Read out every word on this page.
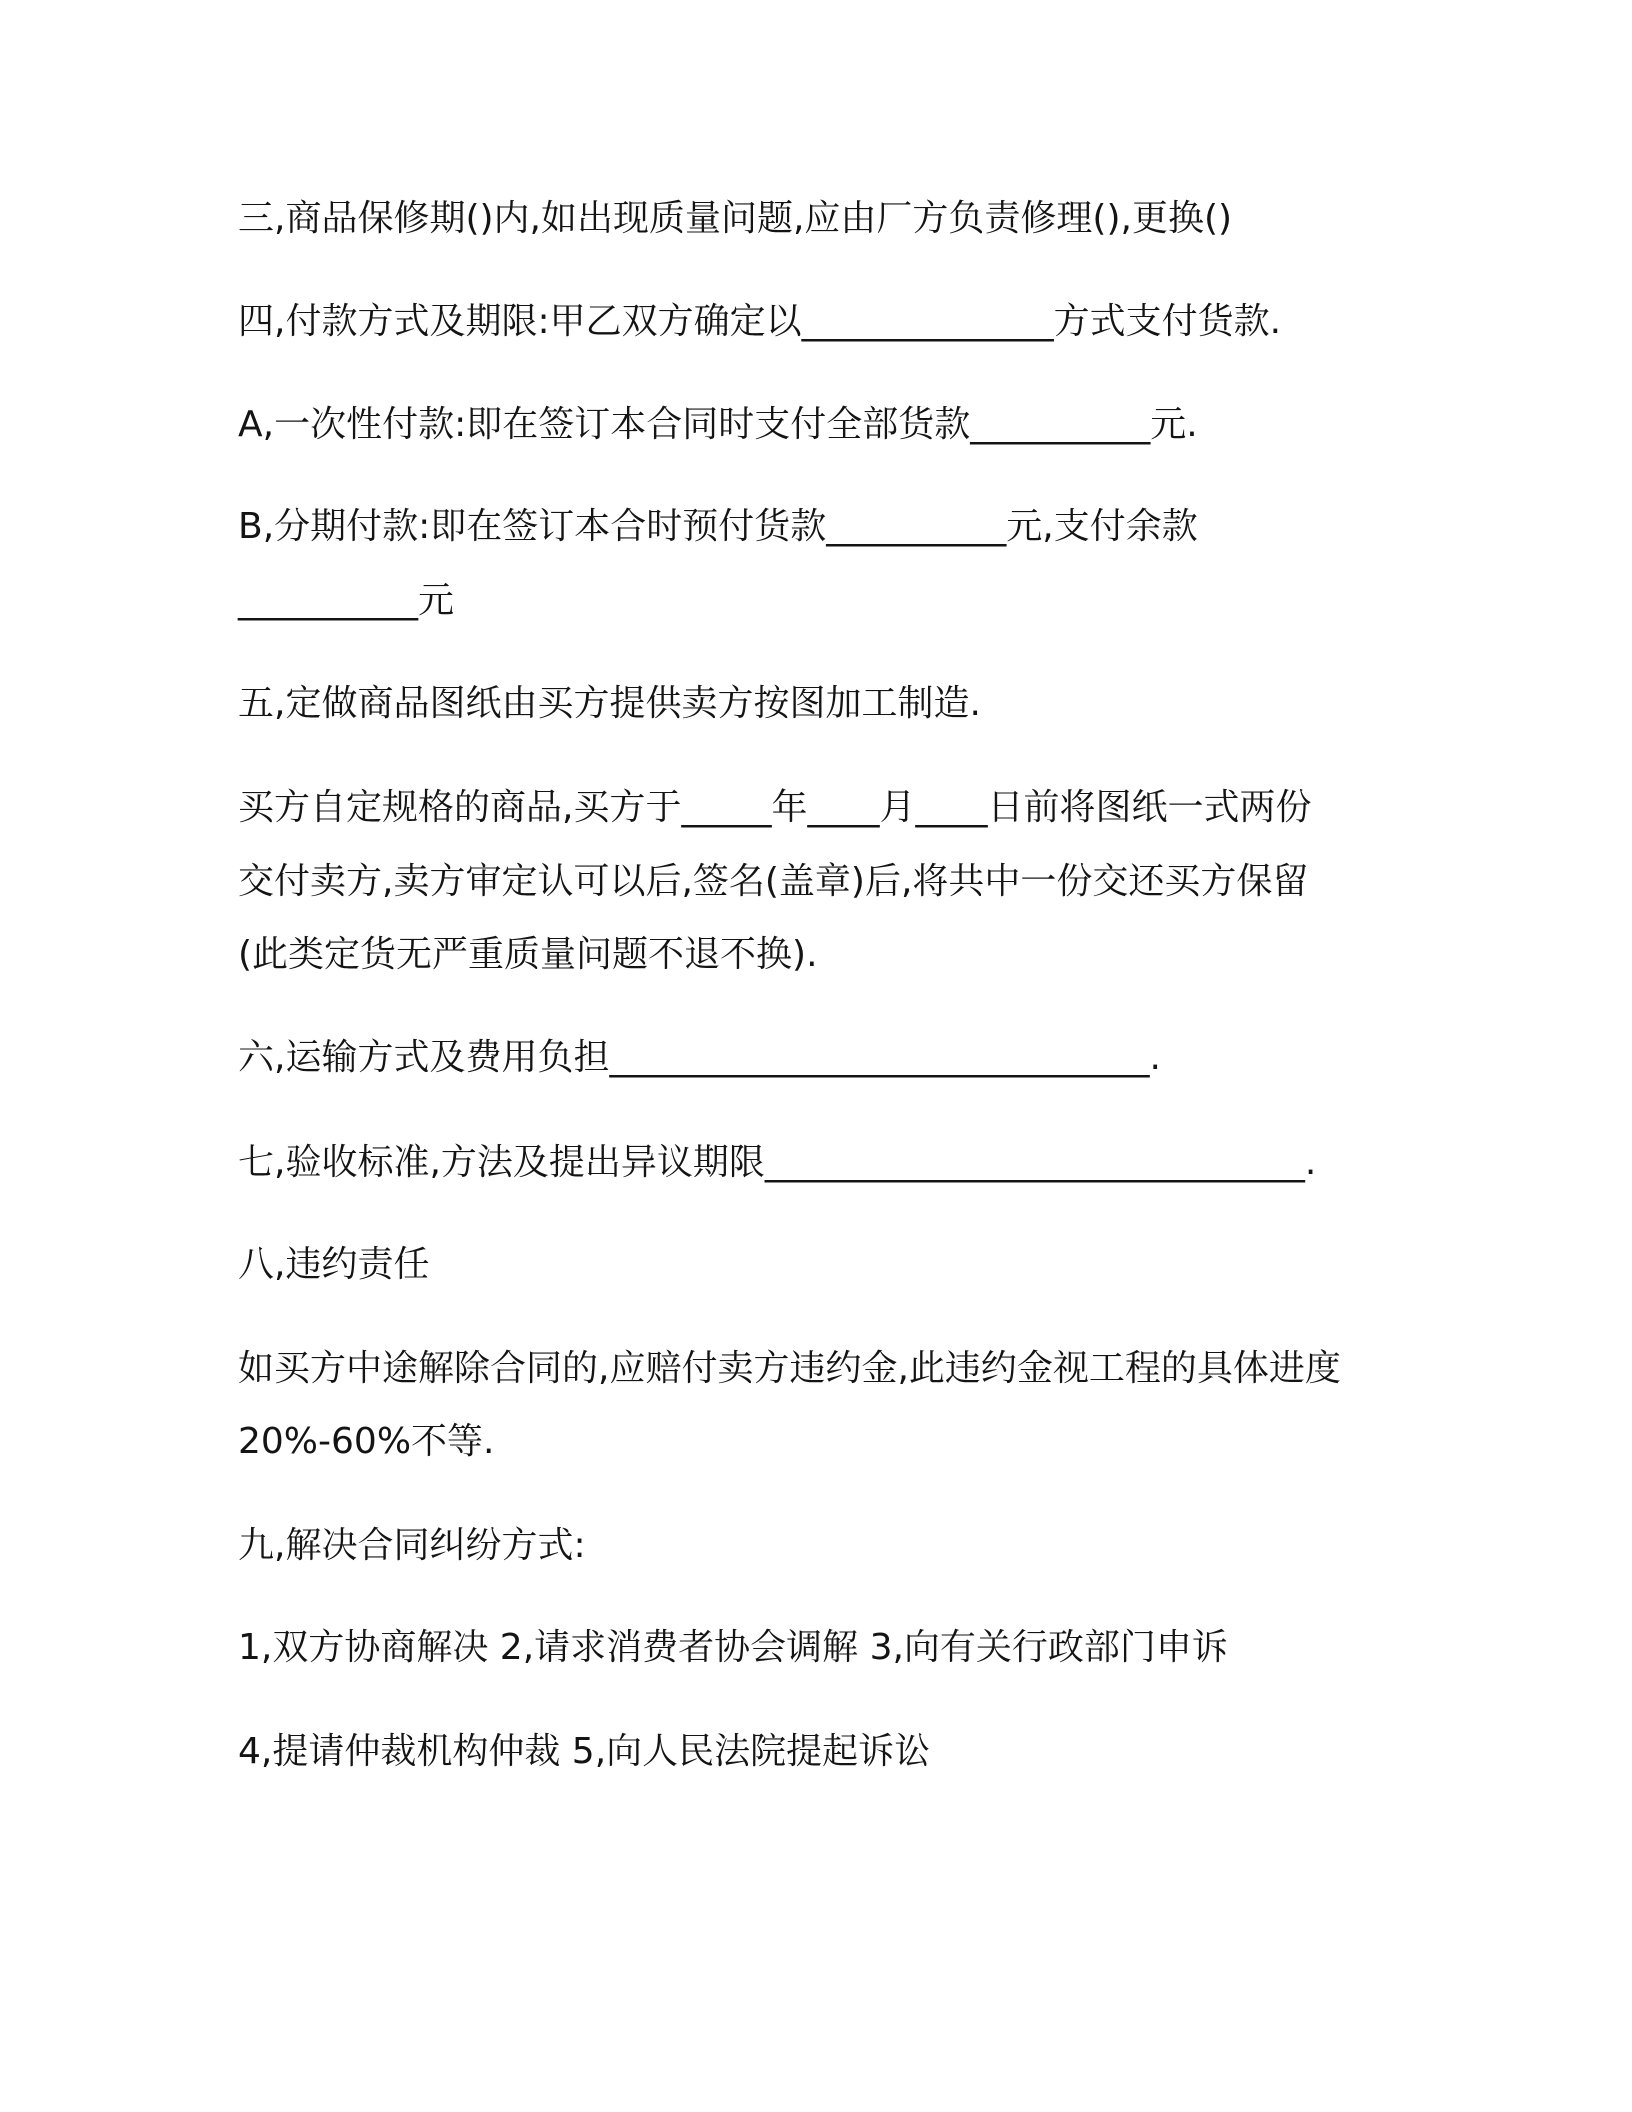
三,商品保修期()内,如出现质量问题,应由厂方负责修理(),更换()

四,付款方式及期限:甲乙双方确定以______________方式支付货款.

A,一次性付款:即在签订本合同时支付全部货款__________元.

B,分期付款:即在签订本合时预付货款__________元,支付余款

__________元

五,定做商品图纸由买方提供卖方按图加工制造.

买方自定规格的商品,买方于_____年____月____日前将图纸一式两份

交付卖方,卖方审定认可以后,签名(盖章)后,将共中一份交还买方保留

(此类定货无严重质量问题不退不换).

六,运输方式及费用负担______________________________.

七,验收标准,方法及提出异议期限______________________________.

八,违约责任

如买方中途解除合同的,应赔付卖方违约金,此违约金视工程的具体进度

20%-60%不等.

九,解决合同纠纷方式:

1,双方协商解决 2,请求消费者协会调解 3,向有关行政部门申诉

4,提请仲裁机构仲裁 5,向人民法院提起诉讼
